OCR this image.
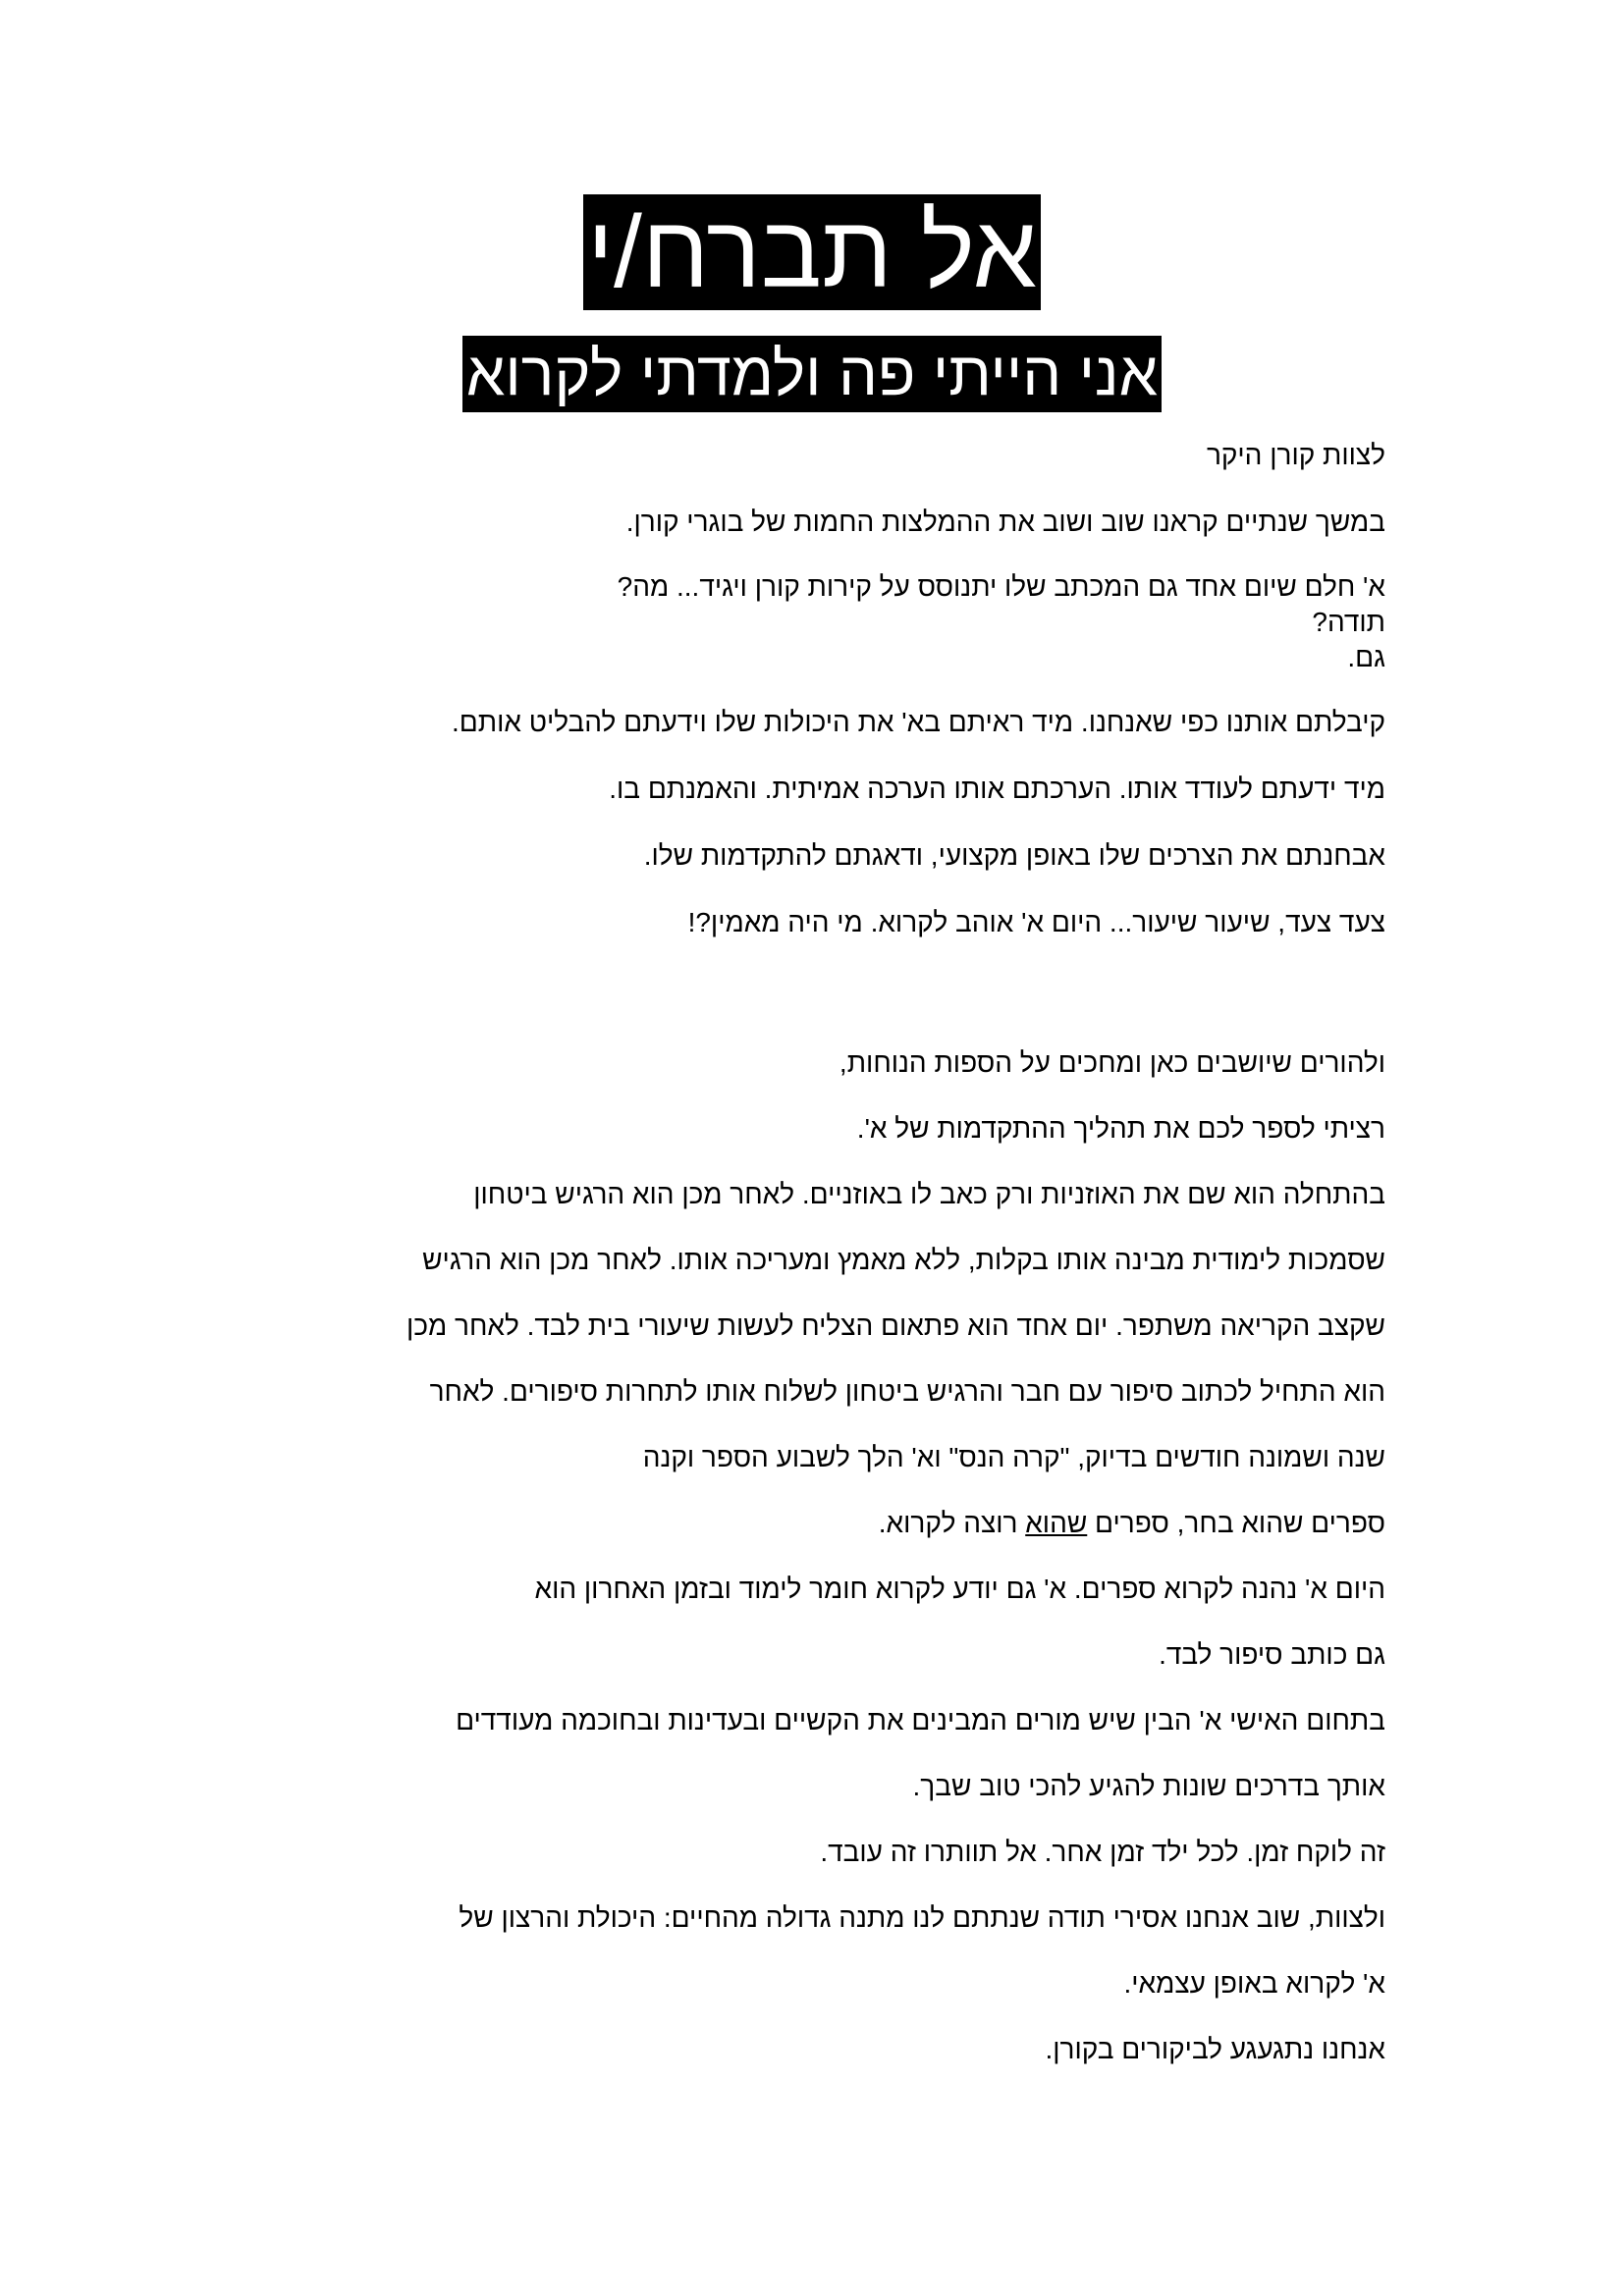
אל תברח/י
אני הייתי פה ולמדתי לקרוא

לצוות קורן היקר

במשך שנתיים קראנו שוב ושוב את ההמלצות החמות של בוגרי קורן.

א' חלם שיום אחד גם המכתב שלו יתנוסס על קירות קורן ויגיד... מה?
תודה?
גם.

קיבלתם אותנו כפי שאנחנו. מיד ראיתם בא' את היכולות שלו וידעתם להבליט אותם.

מיד ידעתם לעודד אותו. הערכתם אותו הערכה אמיתית. והאמנתם בו.

אבחנתם את הצרכים שלו באופן מקצועי, ודאגתם להתקדמות שלו.

צעד צעד, שיעור שיעור... היום א' אוהב לקרוא. מי היה מאמין?!

ולהורים שיושבים כאן ומחכים על הספות הנוחות,

רציתי לספר לכם את תהליך ההתקדמות של א'.

בהתחלה הוא שם את האוזניות ורק כאב לו באוזניים. לאחר מכן הוא הרגיש ביטחון

שסמכות לימודית מבינה אותו בקלות, ללא מאמץ ומעריכה אותו. לאחר מכן הוא הרגיש

שקצב הקריאה משתפר. יום אחד הוא פתאום הצליח לעשות שיעורי בית לבד. לאחר מכן

הוא התחיל לכתוב סיפור עם חבר והרגיש ביטחון לשלוח אותו לתחרות סיפורים. לאחר

שנה ושמונה חודשים בדיוק, "קרה הנס" וא' הלך לשבוע הספר וקנה

ספרים שהוא בחר, ספרים שהוא רוצה לקרוא.

היום א' נהנה לקרוא ספרים. א' גם יודע לקרוא חומר לימוד ובזמן האחרון הוא

גם כותב סיפור לבד.

בתחום האישי א' הבין שיש מורים המבינים את הקשיים ובעדינות ובחוכמה מעודדים

אותך בדרכים שונות להגיע להכי טוב שבך.

זה לוקח זמן. לכל ילד זמן אחר. אל תוותרו זה עובד.

ולצוות, שוב אנחנו אסירי תודה שנתתם לנו מתנה גדולה מהחיים: היכולת והרצון של

א' לקרוא באופן עצמאי.

אנחנו נתגעגע לביקורים בקורן.
